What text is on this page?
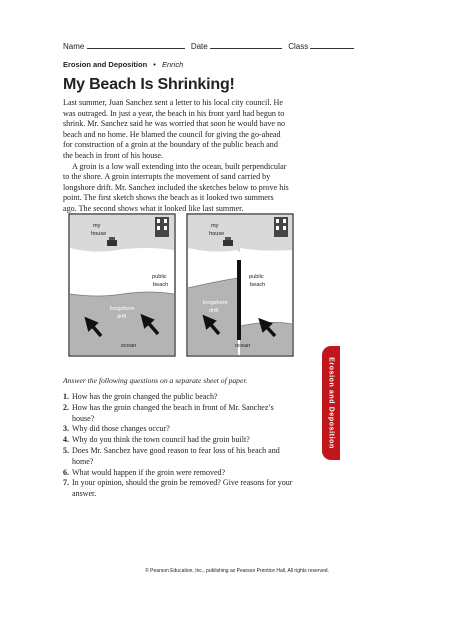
Name	Date	Class
Erosion and Deposition • Enrich
My Beach Is Shrinking!

Last summer, Juan Sanchez sent a letter to his local city council. He was outraged. In just a year, the beach in his front yard had begun to shrink. Mr. Sanchez said he was worried that soon he would have no beach and no home. He blamed the council for giving the go-ahead for construction of a groin at the boundary of the public beach and the beach in front of his house.

A groin is a low wall extending into the ocean, built perpendicular to the shore. A groin interrupts the movement of sand carried by longshore drift. Mr. Sanchez included the sketches below to prove his point. The first sketch shows the beach as it looked two summers ago. The second shows what it looked like last summer.

my
house
public
beach
longshore
drift
ocean
my
house
public
beach
longshore
drift
ocean
Answer the following questions on a separate sheet of paper.
1. How has the groin changed the public beach?
2. How has the groin changed the beach in front of Mr. Sanchez’s house?
3. Why did those changes occur?
4. Why do you think the town council had the groin built?
5. Does Mr. Sanchez have good reason to fear loss of his beach and home?
6. What would happen if the groin were removed?
7. In your opinion, should the groin be removed? Give reasons for your answer.
Erosion and Deposition
© Pearson Education, Inc., publishing as Pearson Prentice Hall. All rights reserved.
